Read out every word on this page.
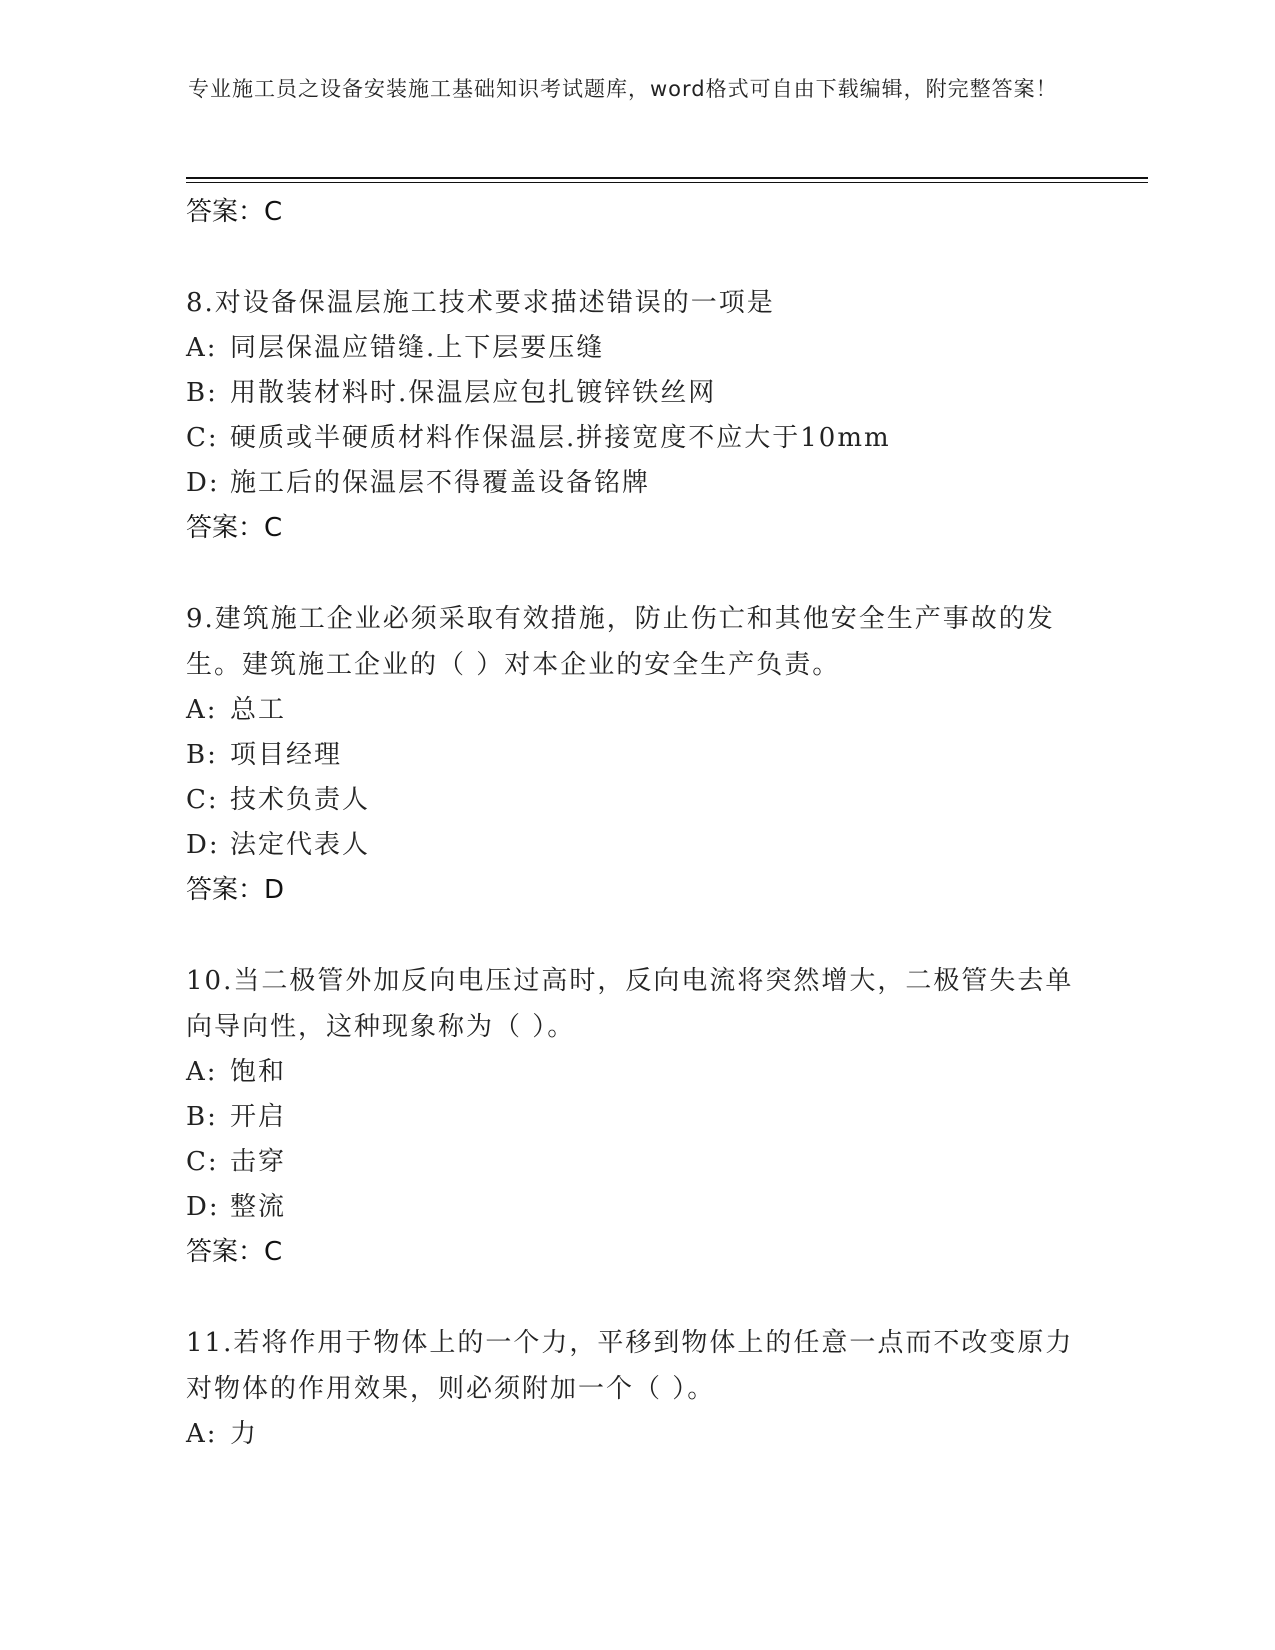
专业施工员之设备安装施工基础知识考试题库，word格式可自由下载编辑，附完整答案！
答案：C
8.对设备保温层施工技术要求描述错误的一项是
A: 同层保温应错缝.上下层要压缝
B: 用散装材料时.保温层应包扎镀锌铁丝网
C: 硬质或半硬质材料作保温层.拼接宽度不应大于10mm
D: 施工后的保温层不得覆盖设备铭牌
答案：C
9.建筑施工企业必须采取有效措施，防止伤亡和其他安全生产事故的发生。建筑施工企业的（ ）对本企业的安全生产负责。
A: 总工
B: 项目经理
C: 技术负责人
D: 法定代表人
答案：D
10.当二极管外加反向电压过高时，反向电流将突然增大，二极管失去单向导向性，这种现象称为（ ）。
A: 饱和
B: 开启
C: 击穿
D: 整流
答案：C
11.若将作用于物体上的一个力，平移到物体上的任意一点而不改变原力对物体的作用效果，则必须附加一个（ ）。
A: 力
